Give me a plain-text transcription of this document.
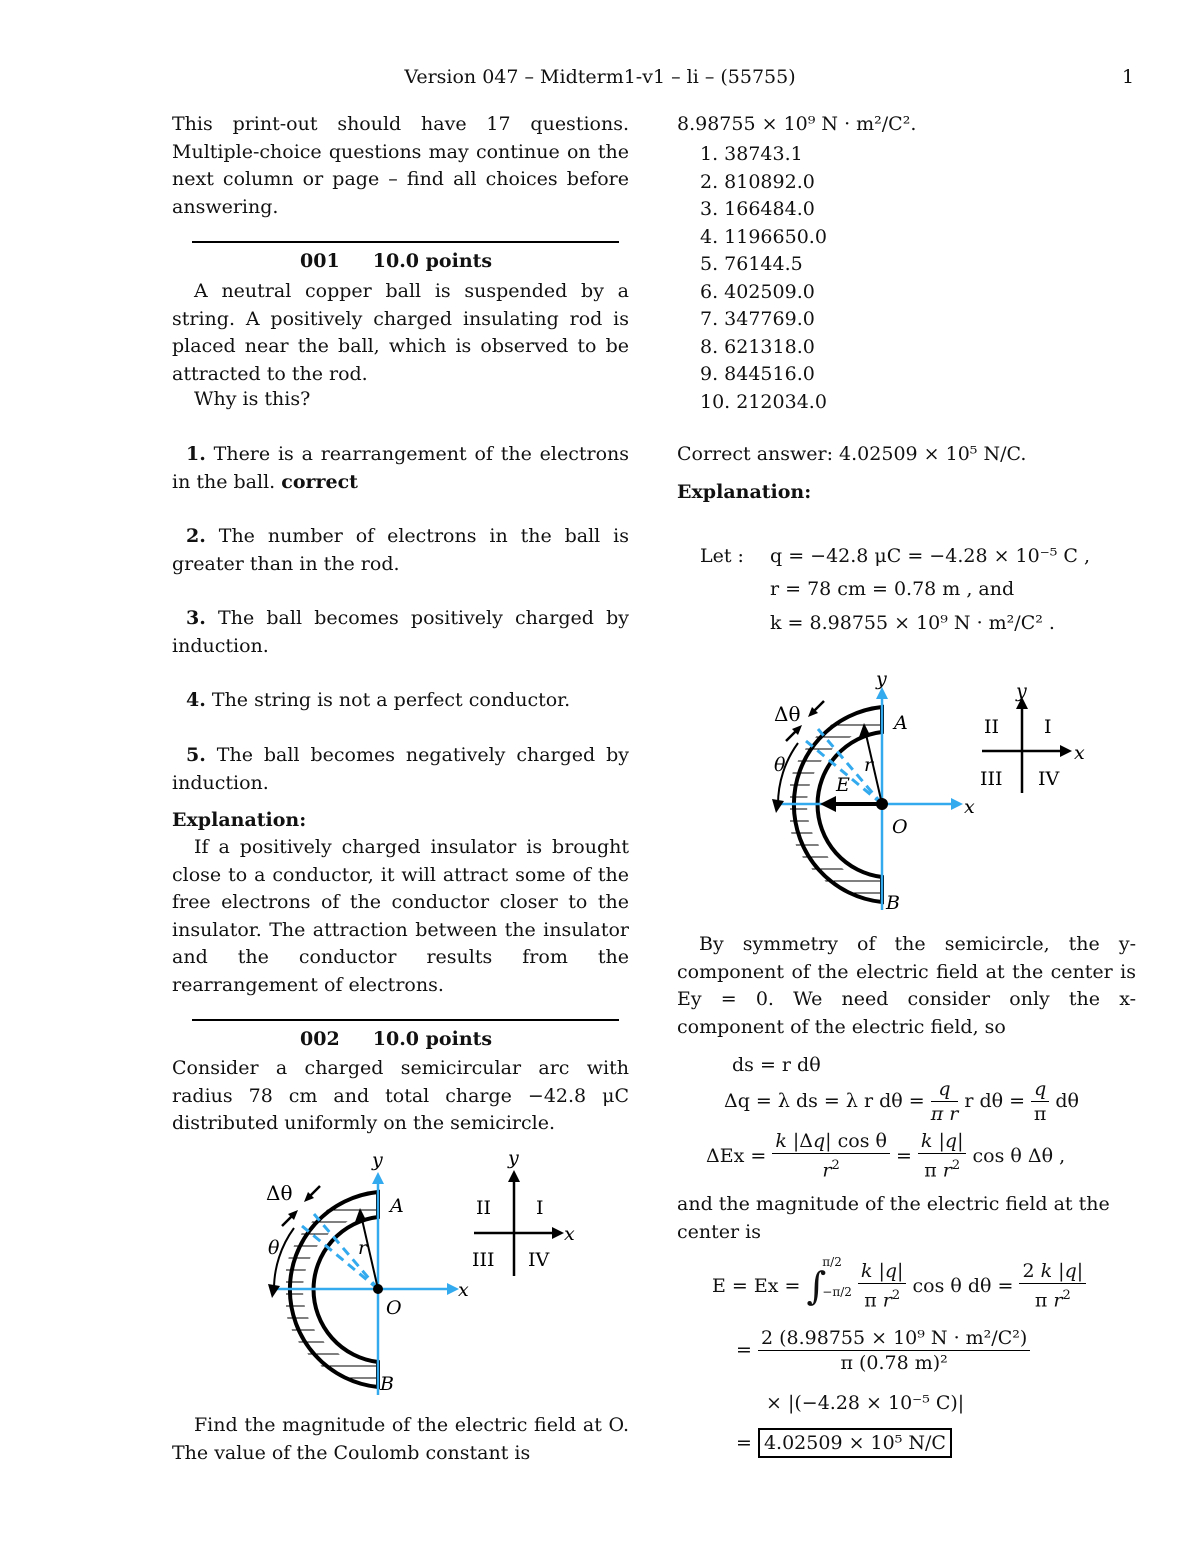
Version 047 – Midterm1-v1 – li – (55755)	1
This print-out should have 17 questions. Multiple-choice questions may continue on the next column or page – find all choices before answering.
001 10.0 points
A neutral copper ball is suspended by a string. A positively charged insulating rod is placed near the ball, which is observed to be attracted to the rod.
Why is this?
1. There is a rearrangement of the electrons in the ball. correct
2. The number of electrons in the ball is greater than in the rod.
3. The ball becomes positively charged by induction.
4. The string is not a perfect conductor.
5. The ball becomes negatively charged by induction.
Explanation:
If a positively charged insulator is brought close to a conductor, it will attract some of the free electrons of the conductor closer to the insulator. The attraction between the insulator and the conductor results from the rearrangement of electrons.
002 10.0 points
Consider a charged semicircular arc with radius 78 cm and total charge −42.8 μC distributed uniformly on the semicircle.
Δθ
θ
y
A
r
O
x
B
y
x
II I
III IV
Find the magnitude of the electric field at O. The value of the Coulomb constant is
8.98755 × 10⁹ N · m²/C².
1. 38743.1
2. 810892.0
3. 166484.0
4. 1196650.0
5. 76144.5
6. 402509.0
7. 347769.0
8. 621318.0
9. 844516.0
10. 212034.0
Correct answer: 4.02509 × 10⁵ N/C.
Explanation:
Let : q = −42.8 μC = −4.28 × 10⁻⁵ C ,
r = 78 cm = 0.78 m , and
k = 8.98755 × 10⁹ N · m²/C² .
Δθ
θ
y
A
r
E
O
x
B
y
x
II I
III IV
By symmetry of the semicircle, the y-component of the electric field at the center is Ey = 0. We need consider only the x-component of the electric field, so
ds = r dθ
Δq = λ ds = λ r dθ =
$\frac{q}{\text{π r}}$
r dθ =
$\frac{q}{\pi}$
dθ
ΔEx =
$\frac{\text{k |Δq| cos θ}}{r^2} = \frac{k |q|}{\pi r^2}$
cos θ Δθ ,
and the magnitude of the electric field at the center is
E = Ex =
∫
π/2
$-\pi/2 \frac{k |q|}{\pi r^2}$
cos θ dθ =
$\frac{2 k |q|}{\pi r^2}$
= $\frac{\text{2 (8.98755 × 10⁹ N · m²/C²)}}{\text{π (0.78 m)²}}$
× |(−4.28 × 10⁻⁵ C)|
= 4.02509 × 10⁵ N/C
